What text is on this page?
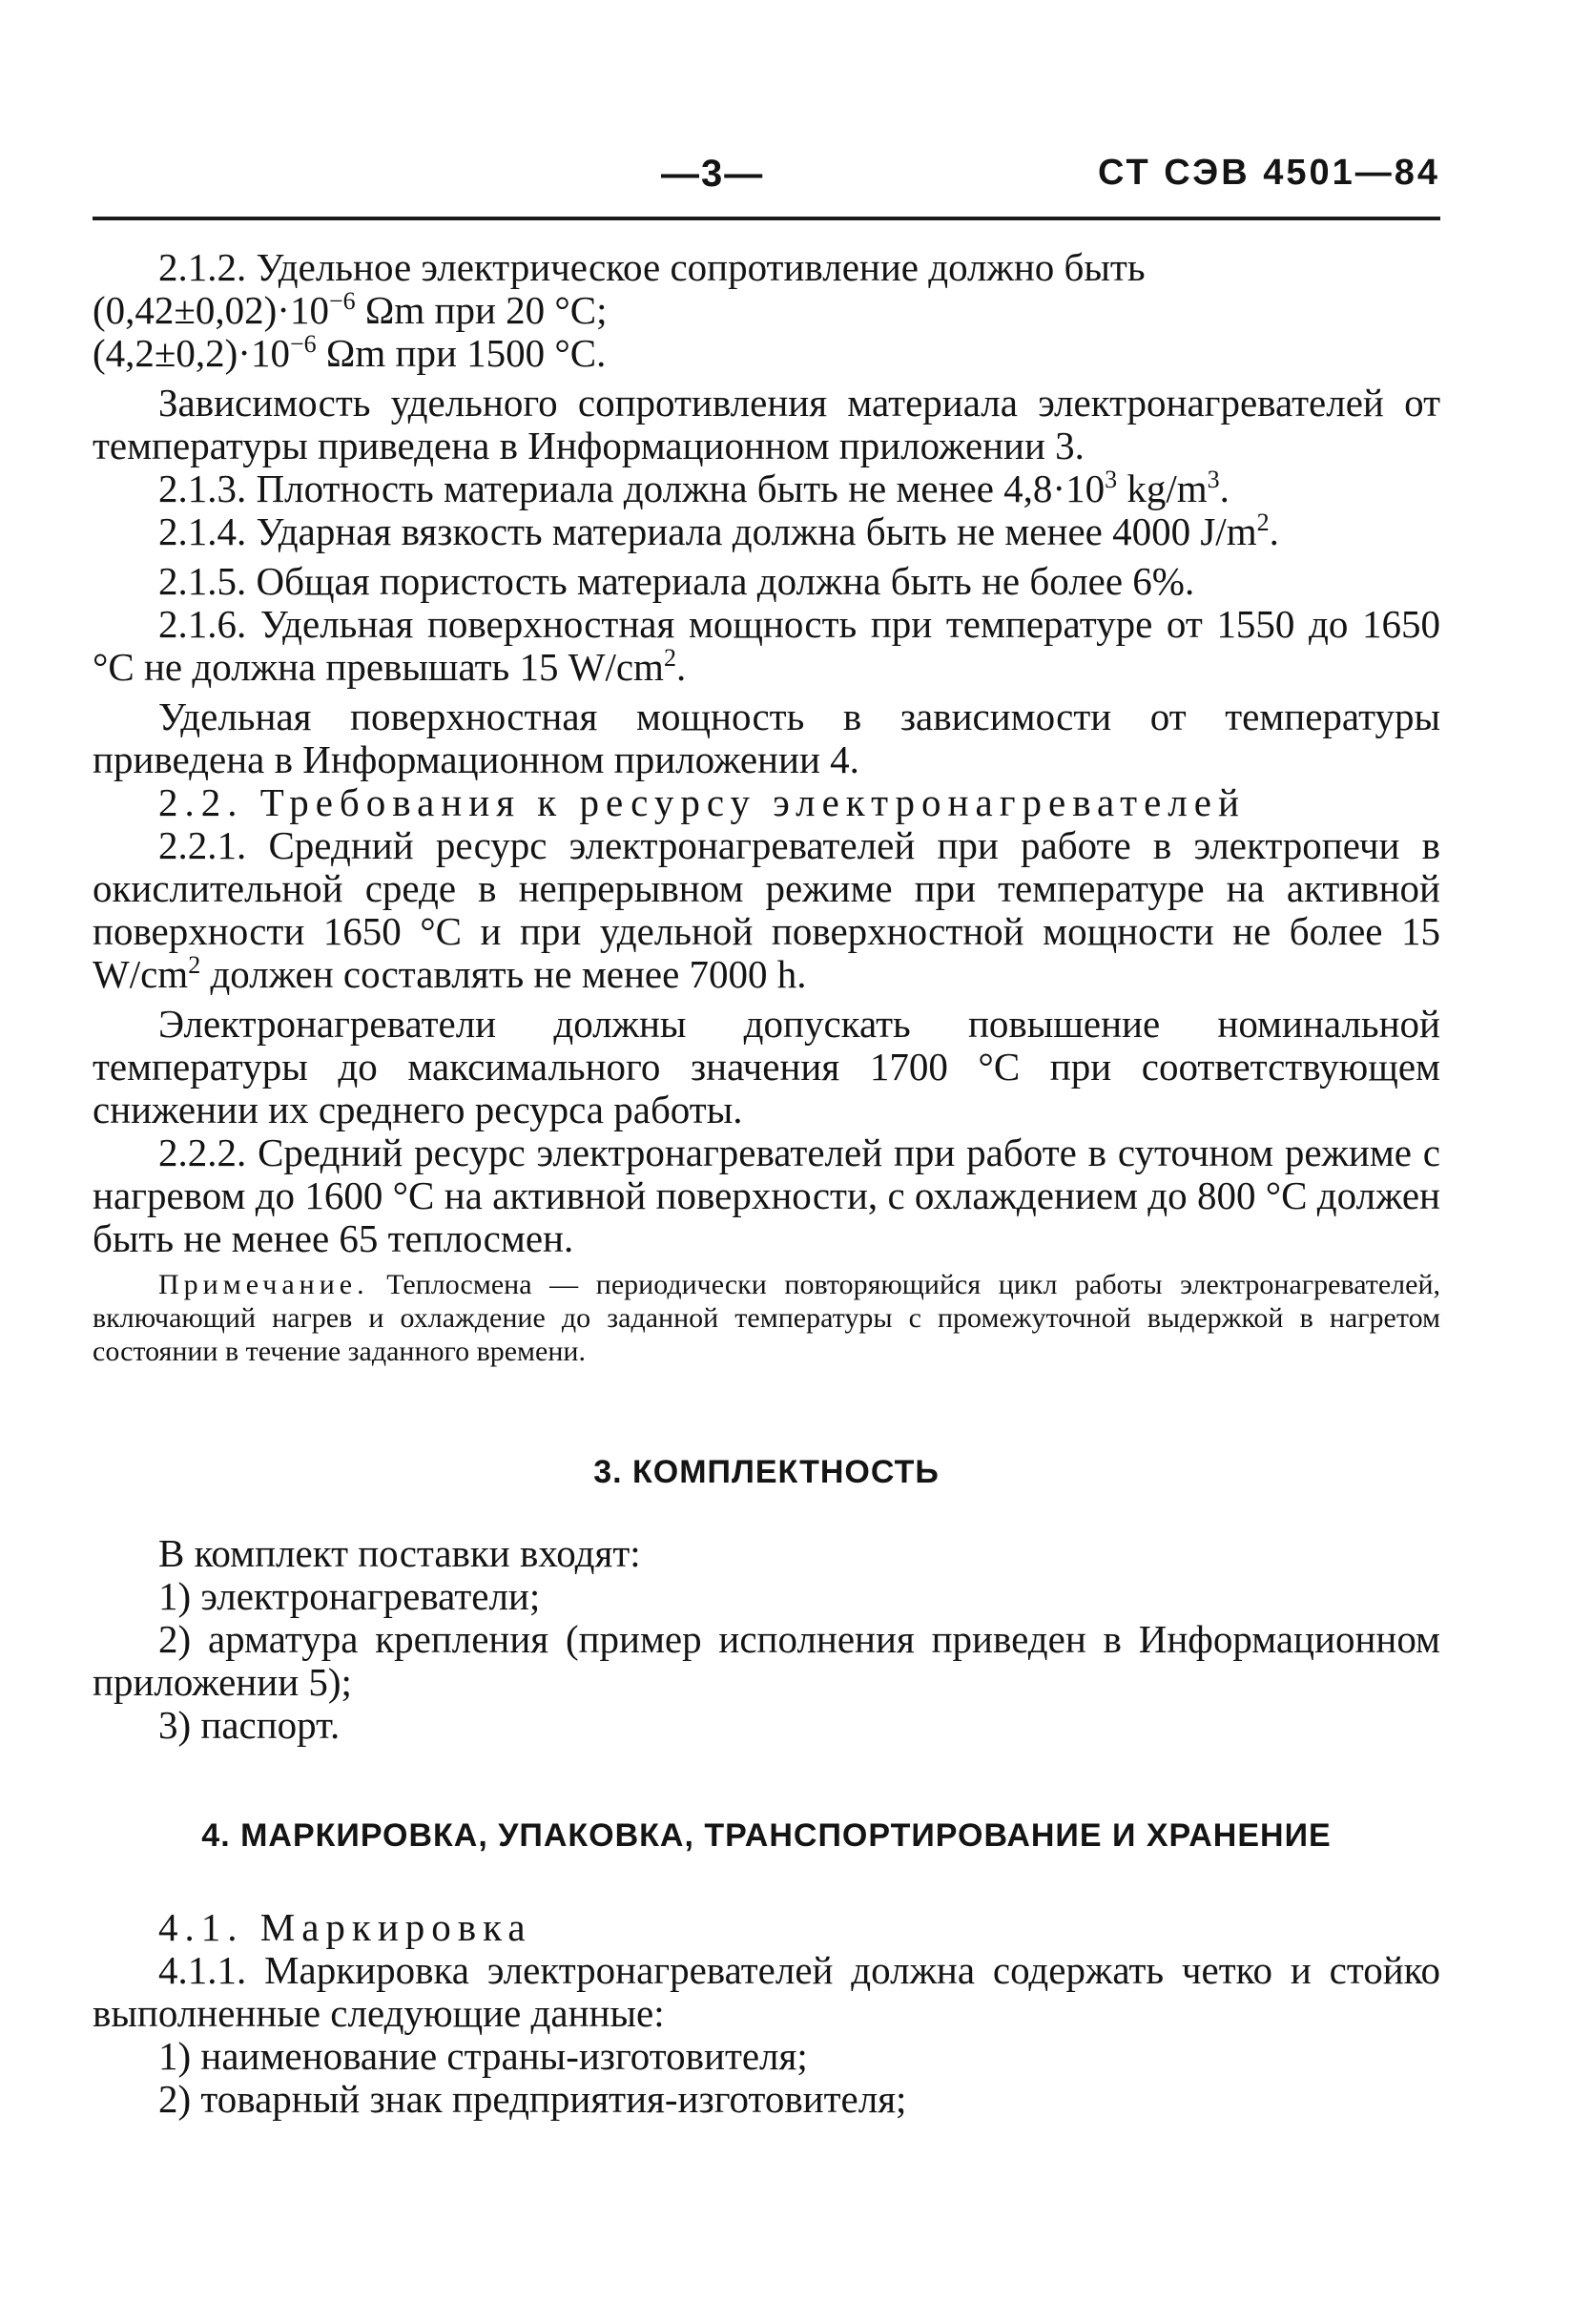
—3—	СТ СЭВ 4501—84

2.1.2. Удельное электрическое сопротивление должно быть

$(0,42\pm 0,02)\cdot 10^{-6}$ Ωm при 20 °С;

$(4,2\pm 0,2)\cdot 10^{-6}$ Ωm при 1500 °С.

Зависимость удельного сопротивления материала электронагревателей от температуры приведена в Информационном приложении 3.

2.1.3. Плотность материала должна быть не менее $4,8\cdot 10^3$ $kg/m^3$.

2.1.4. Ударная вязкость материала должна быть не менее 4000 $J/m^2$.

2.1.5. Общая пористость материала должна быть не более 6%.

2.1.6. Удельная поверхностная мощность при температуре от 1550 до 1650 °С не должна превышать 15 $W/cm^2$.

Удельная поверхностная мощность в зависимости от температуры приведена в Информационном приложении 4.

2.2. Требования к ресурсу электронагревателей

2.2.1. Средний ресурс электронагревателей при работе в электропечи в окислительной среде в непрерывном режиме при температуре на активной поверхности 1650 °С и при удельной поверхностной мощности не более 15 $W/cm^2$ должен составлять не менее 7000 h.

Электронагреватели должны допускать повышение номинальной температуры до максимального значения 1700 °С при соответствующем снижении их среднего ресурса работы.

2.2.2. Средний ресурс электронагревателей при работе в суточном режиме с нагревом до 1600 °С на активной поверхности, с охлаждением до 800 °С должен быть не менее 65 теплосмен.

Примечание. Теплосмена — периодически повторяющийся цикл работы электронагревателей, включающий нагрев и охлаждение до заданной температуры с промежуточной выдержкой в нагретом состоянии в течение заданного времени.

3. КОМПЛЕКТНОСТЬ

В комплект поставки входят:

1) электронагреватели;

2) арматура крепления (пример исполнения приведен в Информационном приложении 5);

3) паспорт.

4. МАРКИРОВКА, УПАКОВКА, ТРАНСПОРТИРОВАНИЕ И ХРАНЕНИЕ

4.1. Маркировка

4.1.1. Маркировка электронагревателей должна содержать четко и стойко выполненные следующие данные:

1) наименование страны-изготовителя;

2) товарный знак предприятия-изготовителя;
